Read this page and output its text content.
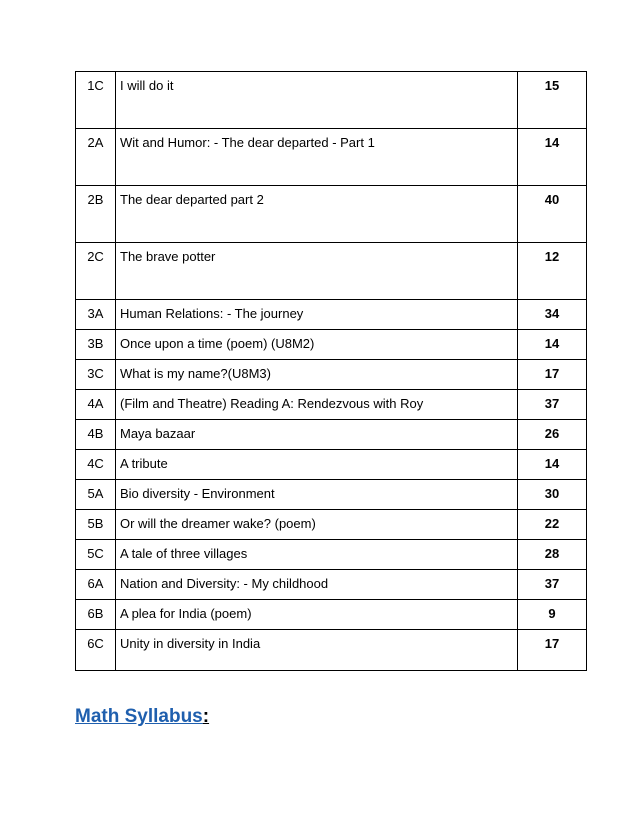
1C	I will do it	15
2A	Wit and Humor: - The dear departed - Part 1	14
2B	The dear departed part 2	40
2C	The brave potter	12
3A	Human Relations: - The journey	34
3B	Once upon a time (poem) (U8M2)	14
3C	What is my name?(U8M3)	17
4A	(Film and Theatre) Reading A: Rendezvous with Roy	37
4B	Maya bazaar	26
4C	A tribute	14
5A	Bio diversity - Environment	30
5B	Or will the dreamer wake? (poem)	22
5C	A tale of three villages	28
6A	Nation and Diversity: - My childhood	37
6B	A plea for India (poem)	9
6C	Unity in diversity in India	17
Math Syllabus:
